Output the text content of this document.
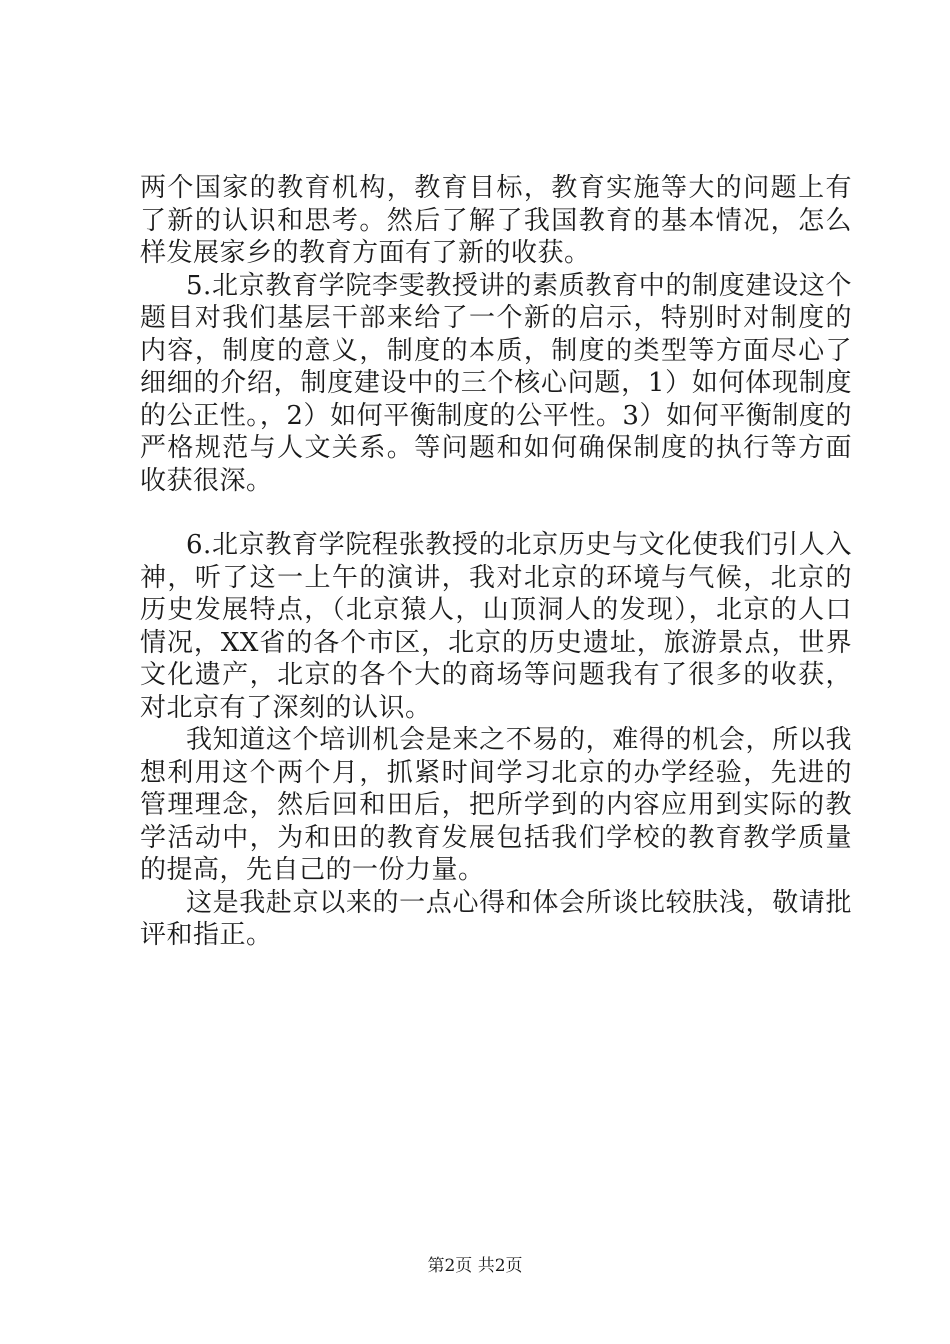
两个国家的教育机构，教育目标，教育实施等大的问题上有了新的认识和思考。然后了解了我国教育的基本情况，怎么样发展家乡的教育方面有了新的收获。

5.北京教育学院李雯教授讲的素质教育中的制度建设这个题目对我们基层干部来给了一个新的启示，特别时对制度的内容，制度的意义，制度的本质，制度的类型等方面尽心了细细的介绍，制度建设中的三个核心问题，1）如何体现制度的公正性。，2）如何平衡制度的公平性。3）如何平衡制度的严格规范与人文关系。等问题和如何确保制度的执行等方面收获很深。

6.北京教育学院程张教授的北京历史与文化使我们引人入神，听了这一上午的演讲，我对北京的环境与气候，北京的历史发展特点，（北京猿人，山顶洞人的发现），北京的人口情况，XX省的各个市区，北京的历史遗址，旅游景点，世界文化遗产，北京的各个大的商场等问题我有了很多的收获，对北京有了深刻的认识。

我知道这个培训机会是来之不易的，难得的机会，所以我想利用这个两个月，抓紧时间学习北京的办学经验，先进的管理理念，然后回和田后，把所学到的内容应用到实际的教学活动中，为和田的教育发展包括我们学校的教育教学质量的提高，先自己的一份力量。

这是我赴京以来的一点心得和体会所谈比较肤浅，敬请批评和指正。

第2页 共2页
